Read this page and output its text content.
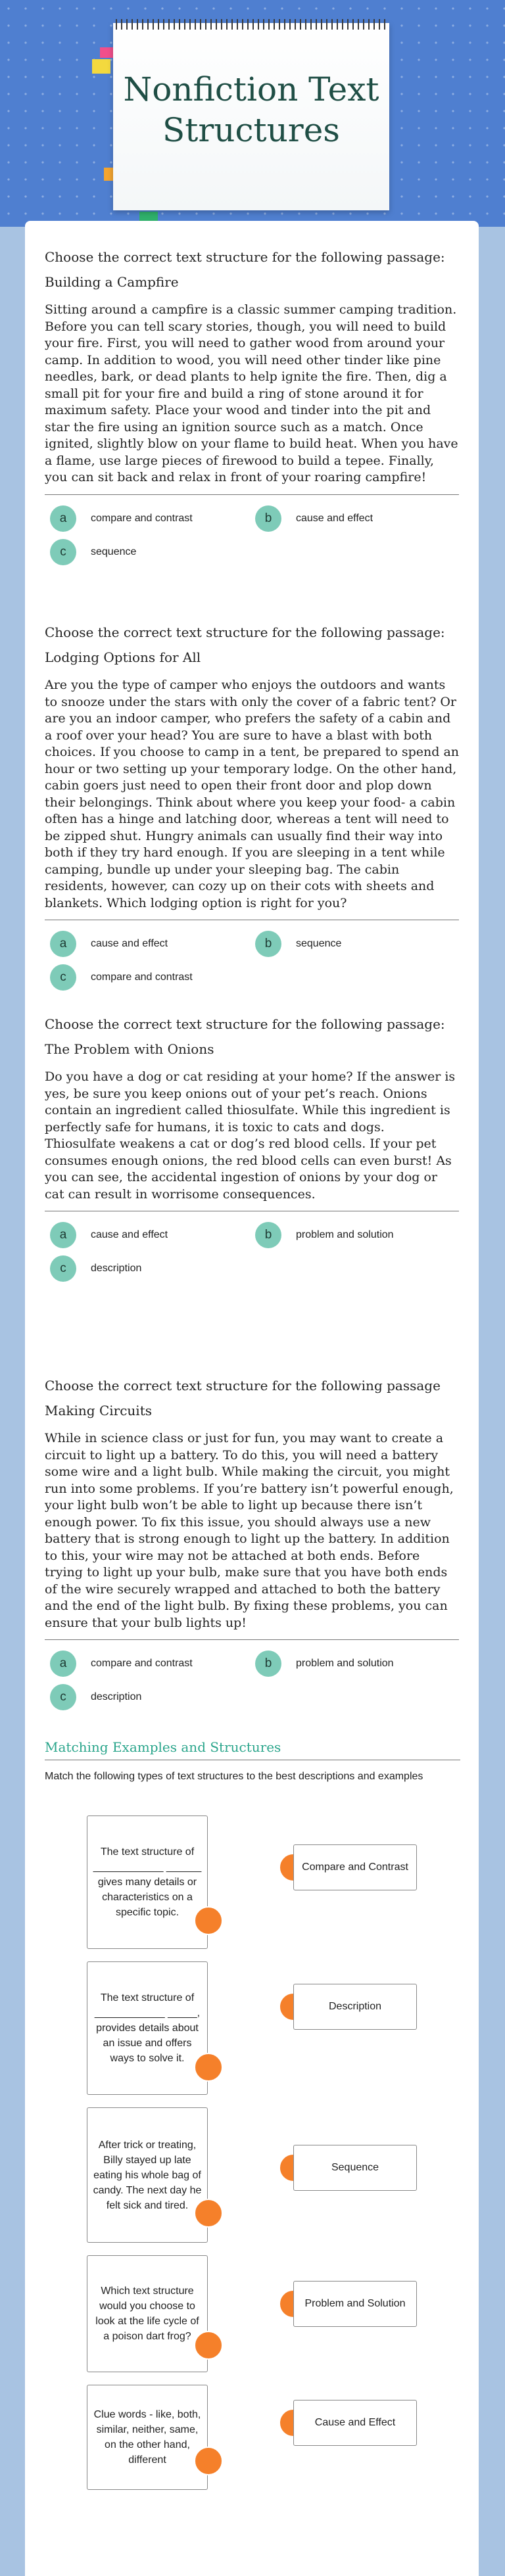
Nonfiction Text Structures

Choose the correct text structure for the following passage:

Building a Campfire

Sitting around a campfire is a classic summer camping tradition. Before you can tell scary stories, though, you will need to build your fire. First, you will need to gather wood from around your camp. In addition to wood, you will need other tinder like pine needles, bark, or dead plants to help ignite the fire. Then, dig a small pit for your fire and build a ring of stone around it for maximum safety. Place your wood and tinder into the pit and star the fire using an ignition source such as a match. Once ignited, slightly blow on your flame to build heat. When you have a flame, use large pieces of firewood to build a tepee. Finally, you can sit back and relax in front of your roaring campfire!

a	compare and contrast	b	cause and effect
c	sequence

Choose the correct text structure for the following passage:

Lodging Options for All

Are you the type of camper who enjoys the outdoors and wants to snooze under the stars with only the cover of a fabric tent? Or are you an indoor camper, who prefers the safety of a cabin and a roof over your head? You are sure to have a blast with both choices. If you choose to camp in a tent, be prepared to spend an hour or two setting up your temporary lodge. On the other hand, cabin goers just need to open their front door and plop down their belongings. Think about where you keep your food- a cabin often has a hinge and latching door, whereas a tent will need to be zipped shut. Hungry animals can usually find their way into both if they try hard enough. If you are sleeping in a tent while camping, bundle up under your sleeping bag. The cabin residents, however, can cozy up on their cots with sheets and blankets. Which lodging option is right for you?

a	cause and effect	b	sequence
c	compare and contrast

Choose the correct text structure for the following passage:

The Problem with Onions

Do you have a dog or cat residing at your home? If the answer is yes, be sure you keep onions out of your pet’s reach. Onions contain an ingredient called thiosulfate. While this ingredient is perfectly safe for humans, it is toxic to cats and dogs. Thiosulfate weakens a cat or dog’s red blood cells. If your pet consumes enough onions, the red blood cells can even burst! As you can see, the accidental ingestion of onions by your dog or cat can result in worrisome consequences.

a	cause and effect	b	problem and solution
c	description

Choose the correct text structure for the following passage

Making Circuits

While in science class or just for fun, you may want to create a circuit to light up a battery. To do this, you will need a battery some wire and a light bulb. While making the circuit, you might run into some problems. If you’re battery isn’t powerful enough, your light bulb won’t be able to light up because there isn’t enough power. To fix this issue, you should always use a new battery that is strong enough to light up the battery. In addition to this, your wire may not be attached at both ends. Before trying to light up your bulb, make sure that you have both ends of the wire securely wrapped and attached to both the battery and the end of the light bulb. By fixing these problems, you can ensure that your bulb lights up!

a	compare and contrast	b	problem and solution
c	description
Matching Examples and Structures

Match the following types of text structures to the best descriptions and examples

The text structure of ____________ ______ gives many details or characteristics on a specific topic.
Compare and Contrast
The text structure of ____________ _____, provides details about an issue and offers ways to solve it.
Description
After trick or treating, Billy stayed up late eating his whole bag of candy. The next day he felt sick and tired.
Sequence
Which text structure would you choose to look at the life cycle of a poison dart frog?
Problem and Solution
Clue words - like, both, similar, neither, same, on the other hand, different
Cause and Effect
